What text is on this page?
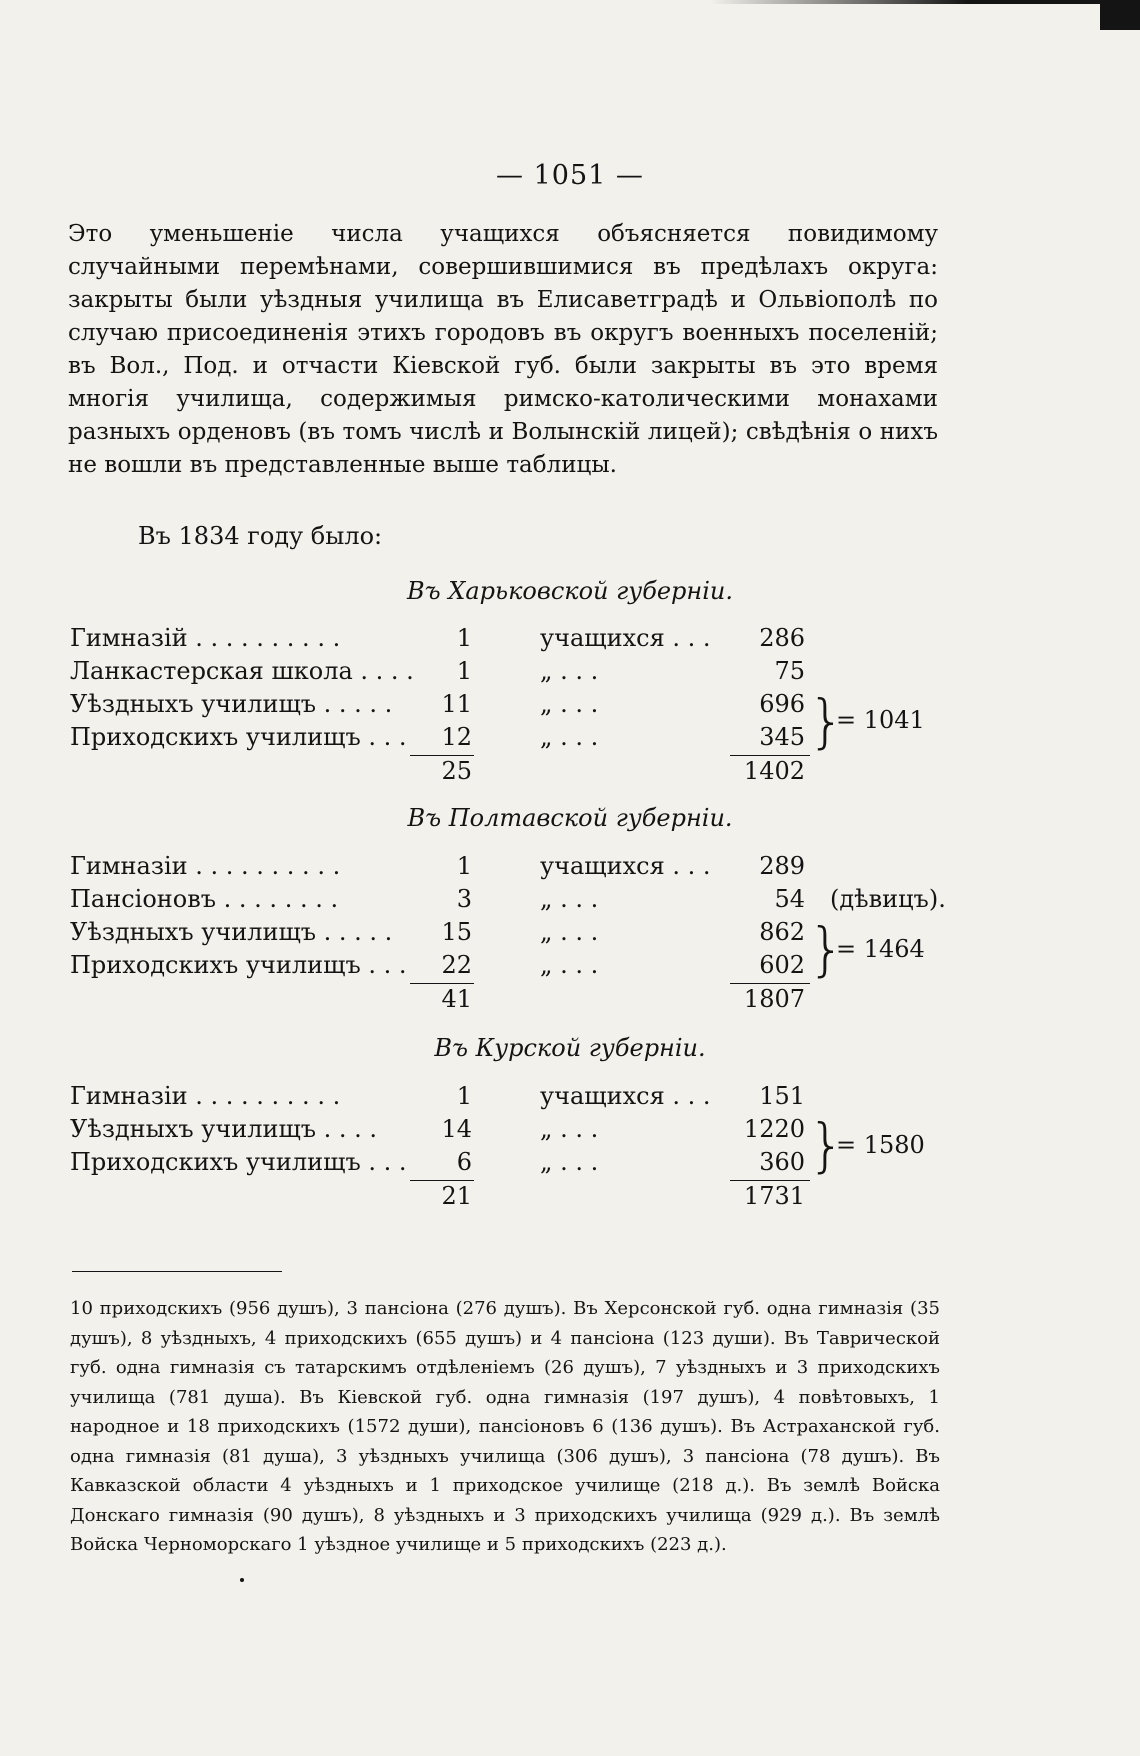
— 1051 —
Это уменьшеніе числа учащихся объясняется повидимому случайными перемѣнами, совершившимися въ предѣлахъ округа: закрыты были уѣздныя училища въ Елисаветградѣ и Ольвіополѣ по случаю присоединенія этихъ городовъ въ округъ военныхъ поселеній; въ Вол., Под. и отчасти Кіевской губ. были закрыты въ это время многія училища, содержимыя римско-католическими монахами разныхъ орденовъ (въ томъ числѣ и Волынскій лицей); свѣдѣнія о нихъ не вошли въ представленные выше таблицы.
Въ 1834 году было:
Въ Харьковской губерніи.
Гимназій . . . . . . . . . .	1	учащихся . . .	286
Ланкастерская школа . . . .	1	„ . . .	75
Уѣздныхъ училищъ . . . . .	11	„ . . .	696
Приходскихъ училищъ . . .	12	„ . . .	345
25	1402
}
= 1041
Въ Полтавской губерніи.
Гимназіи . . . . . . . . . .	1	учащихся . . .	289
Пансіоновъ . . . . . . . .	3	„ . . .	54 (дѣвицъ).
Уѣздныхъ училищъ . . . . .	15	„ . . .	862
Приходскихъ училищъ . . .	22	„ . . .	602
41	1807
}
= 1464
Въ Курской губерніи.
Гимназіи . . . . . . . . . .	1	учащихся . . .	151
Уѣздныхъ училищъ . . . .	14	„ . . .	1220
Приходскихъ училищъ . . .	6	„ . . .	360
21	1731
}
= 1580
10 приходскихъ (956 душъ), 3 пансіона (276 душъ). Въ Херсонской губ. одна гимназія (35 душъ), 8 уѣздныхъ, 4 приходскихъ (655 душъ) и 4 пансіона (123 души). Въ Таврической губ. одна гимназія съ татарскимъ отдѣленіемъ (26 душъ), 7 уѣздныхъ и 3 приходскихъ училища (781 душа). Въ Кіевской губ. одна гимназія (197 душъ), 4 повѣтовыхъ, 1 народное и 18 приходскихъ (1572 души), пансіоновъ 6 (136 душъ). Въ Астраханской губ. одна гимназія (81 душа), 3 уѣздныхъ училища (306 душъ), 3 пансіона (78 душъ). Въ Кавказской области 4 уѣздныхъ и 1 приходское училище (218 д.). Въ землѣ Войска Донскаго гимназія (90 душъ), 8 уѣздныхъ и 3 приходскихъ училища (929 д.). Въ землѣ Войска Черноморскаго 1 уѣздное училище и 5 приходскихъ (223 д.).
